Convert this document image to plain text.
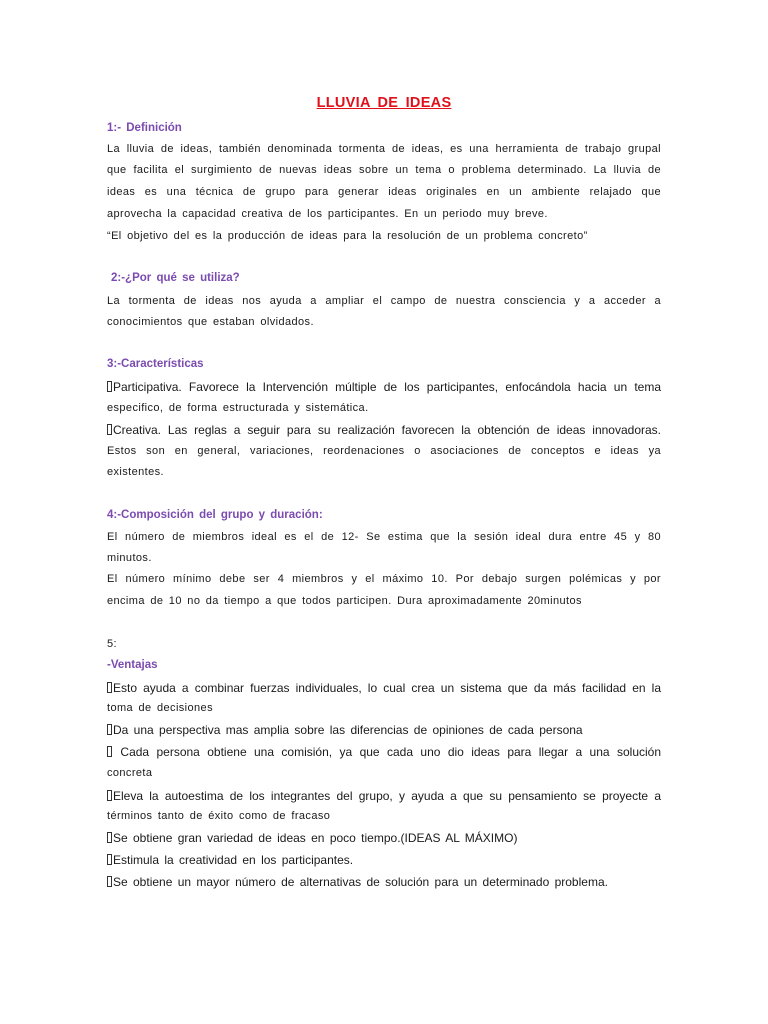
LLUVIA DE IDEAS
1:- Definición
La lluvia de ideas, también denominada tormenta de ideas, es una herramienta de trabajo grupal
que facilita el surgimiento de nuevas ideas sobre un tema o problema determinado. La lluvia de
ideas es una técnica de grupo para generar ideas originales en un ambiente relajado que
aprovecha la capacidad creativa de los participantes. En un periodo muy breve.
“El objetivo del es la producción de ideas para la resolución de un problema concreto”
2:-¿Por qué se utiliza?
La tormenta de ideas nos ayuda a ampliar el campo de nuestra consciencia y a acceder a
conocimientos que estaban olvidados.
3:-Características
Participativa. Favorece la Intervención múltiple de los participantes, enfocándola hacia un tema
especifico, de forma estructurada y sistemática.
Creativa. Las reglas a seguir para su realización favorecen la obtención de ideas innovadoras.
Estos son en general, variaciones, reordenaciones o asociaciones de conceptos e ideas ya
existentes.
4:-Composición del grupo y duración:
El número de miembros ideal es el de 12- Se estima que la sesión ideal dura entre 45 y 80
minutos.
El número mínimo debe ser 4 miembros y el máximo 10. Por debajo surgen polémicas y por
encima de 10 no da tiempo a que todos participen. Dura aproximadamente 20minutos
5:
-Ventajas
Esto ayuda a combinar fuerzas individuales, lo cual crea un sistema que da más facilidad en la
toma de decisiones
Da una perspectiva mas amplia sobre las diferencias de opiniones de cada persona
Cada persona obtiene una comisión, ya que cada uno dio ideas para llegar a una solución
concreta
Eleva la autoestima de los integrantes del grupo, y ayuda a que su pensamiento se proyecte a
términos tanto de éxito como de fracaso
Se obtiene gran variedad de ideas en poco tiempo.(IDEAS AL MÁXIMO)
Estimula la creatividad en los participantes.
Se obtiene un mayor número de alternativas de solución para un determinado problema.
